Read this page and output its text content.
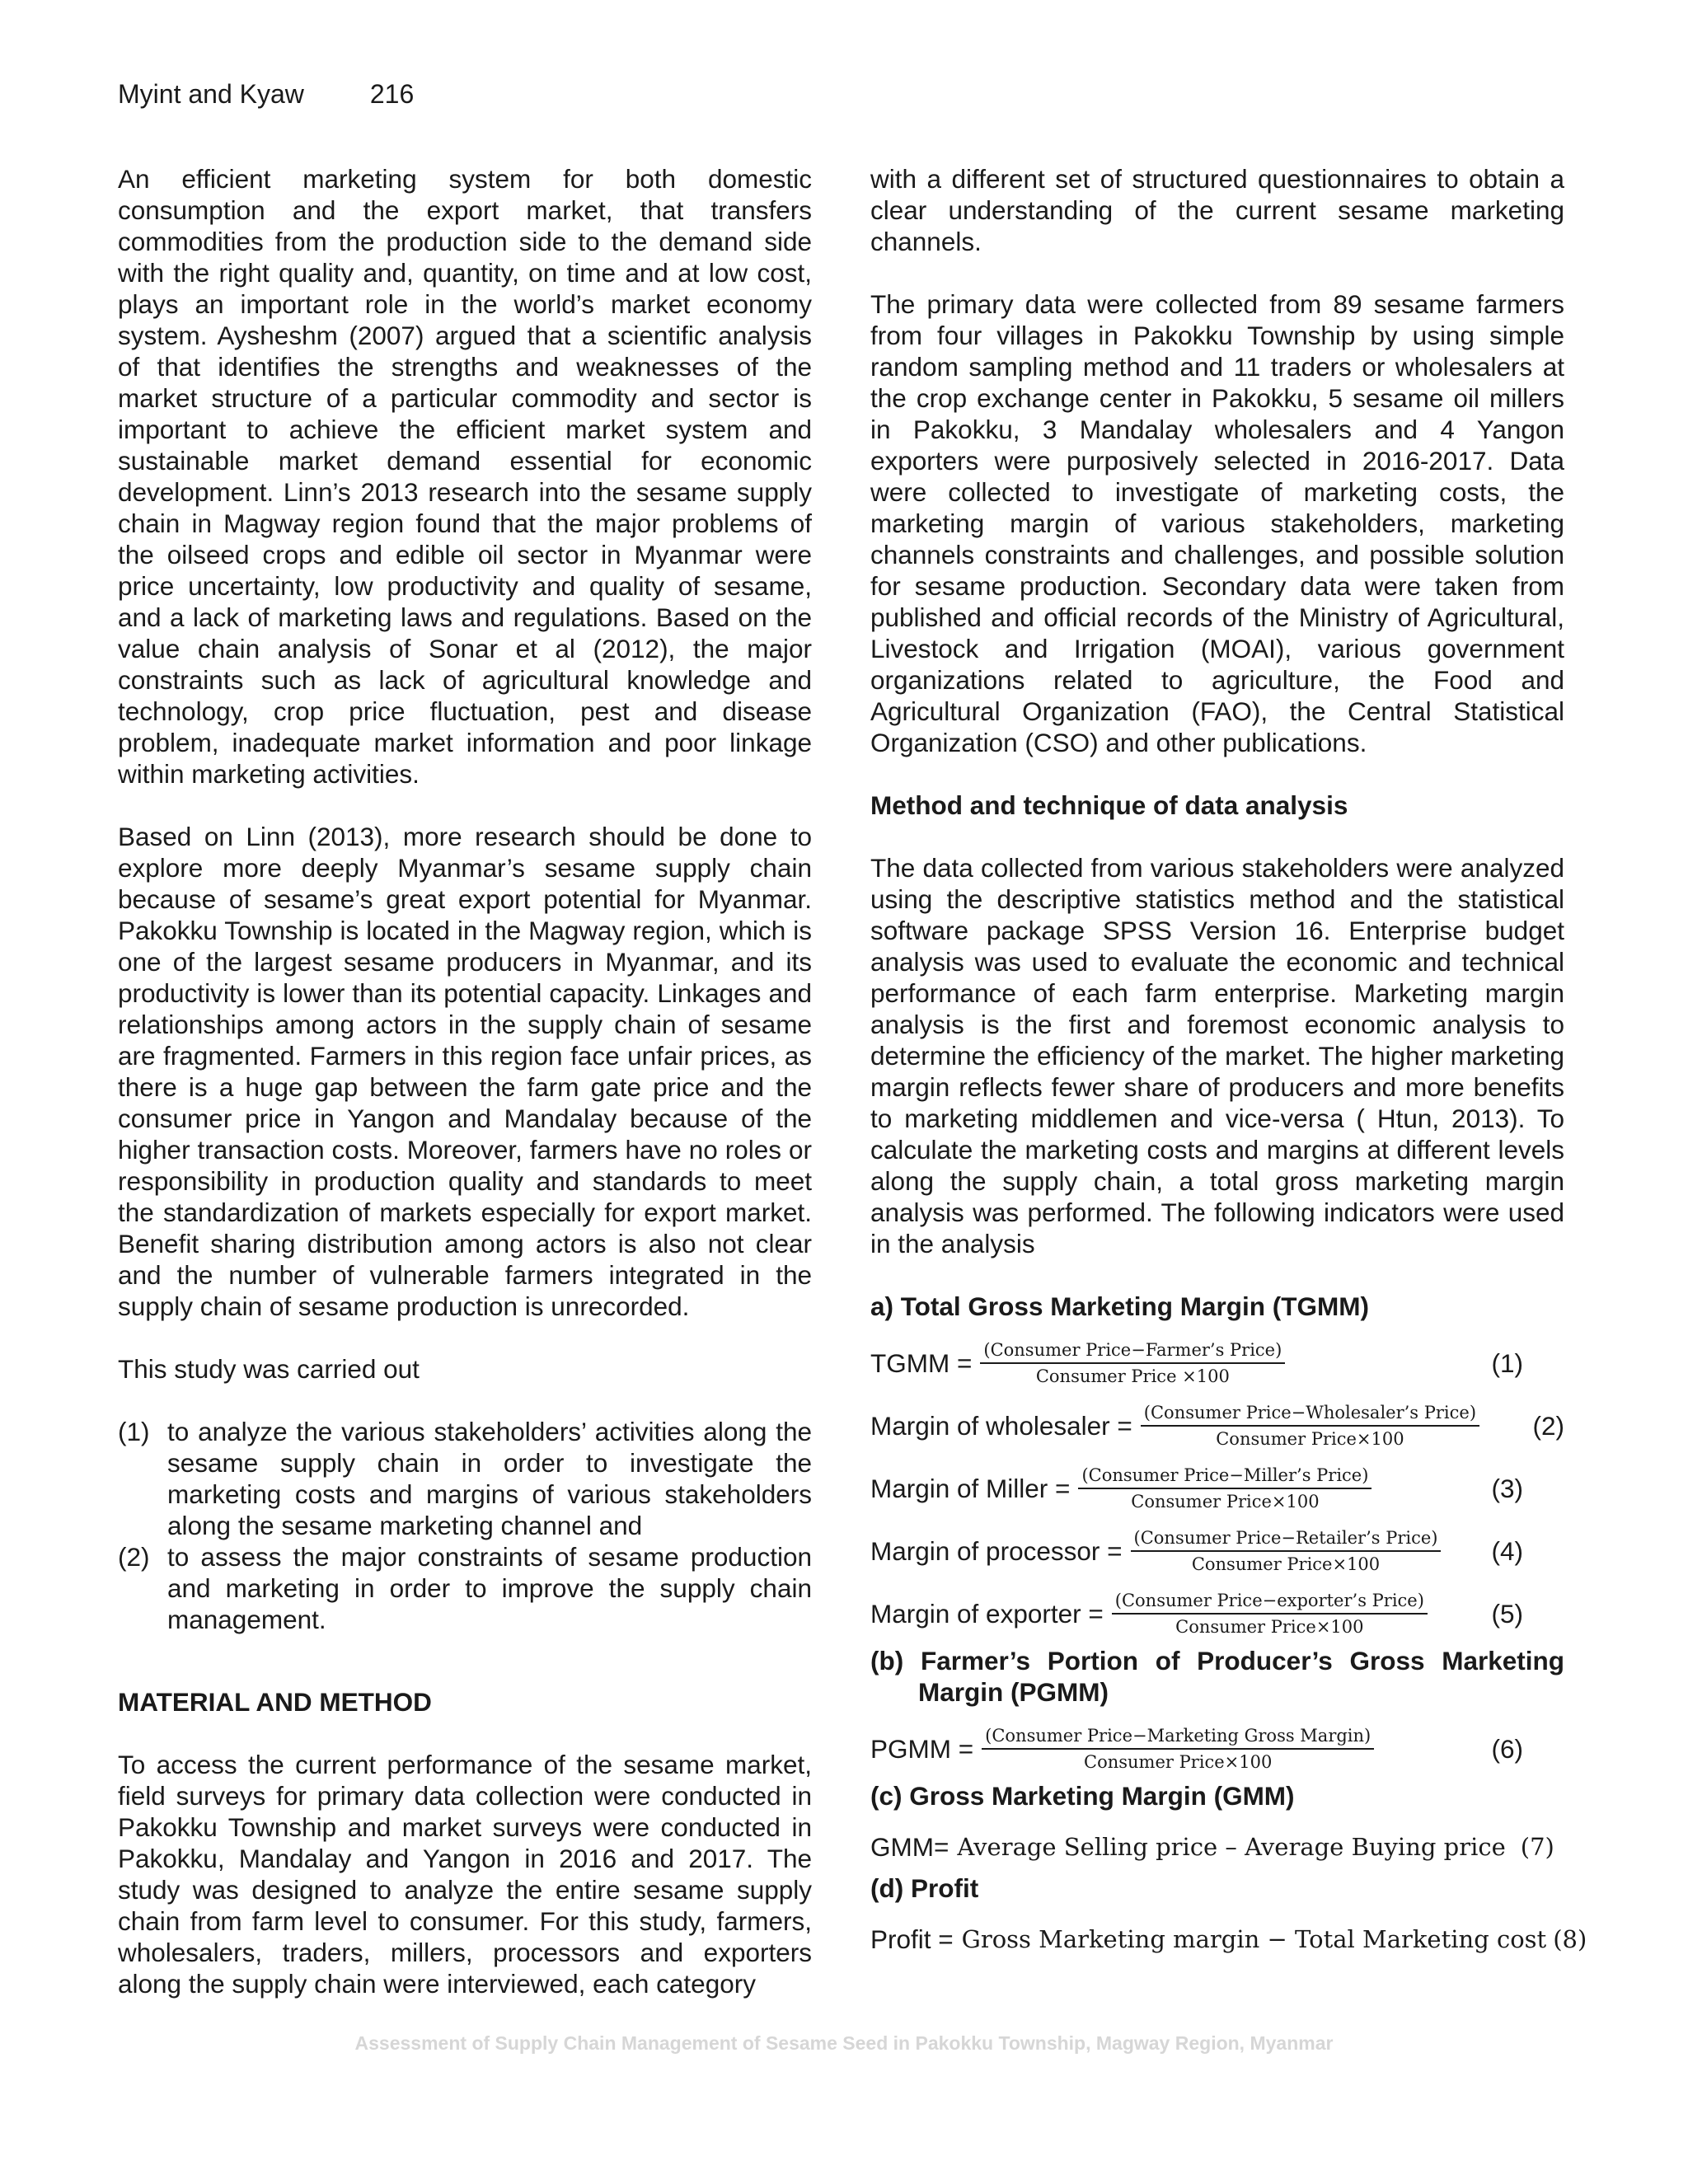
Myint and Kyaw	216

An efficient marketing system for both domestic consumption and the export market, that transfers commodities from the production side to the demand side with the right quality and, quantity, on time and at low cost, plays an important role in the world’s market economy system. Aysheshm (2007) argued that a scientific analysis of that identifies the strengths and weaknesses of the market structure of a particular commodity and sector is important to achieve the efficient market system and sustainable market demand essential for economic development. Linn’s 2013 research into the sesame supply chain in Magway region found that the major problems of the oilseed crops and edible oil sector in Myanmar were price uncertainty, low productivity and quality of sesame, and a lack of marketing laws and regulations. Based on the value chain analysis of Sonar et al (2012), the major constraints such as lack of agricultural knowledge and technology, crop price fluctuation, pest and disease problem, inadequate market information and poor linkage within marketing activities.

Based on Linn (2013), more research should be done to explore more deeply Myanmar’s sesame supply chain because of sesame’s great export potential for Myanmar. Pakokku Township is located in the Magway region, which is one of the largest sesame producers in Myanmar, and its productivity is lower than its potential capacity. Linkages and relationships among actors in the supply chain of sesame are fragmented. Farmers in this region face unfair prices, as there is a huge gap between the farm gate price and the consumer price in Yangon and Mandalay because of the higher transaction costs. Moreover, farmers have no roles or responsibility in production quality and standards to meet the standardization of markets especially for export market. Benefit sharing distribution among actors is also not clear and the number of vulnerable farmers integrated in the supply chain of sesame production is unrecorded.

This study was carried out

(1) to analyze the various stakeholders’ activities along the sesame supply chain in order to investigate the marketing costs and margins of various stakeholders along the sesame marketing channel and
(2) to assess the major constraints of sesame production and marketing in order to improve the supply chain management.
MATERIAL AND METHOD

To access the current performance of the sesame market, field surveys for primary data collection were conducted in Pakokku Township and market surveys were conducted in Pakokku, Mandalay and Yangon in 2016 and 2017. The study was designed to analyze the entire sesame supply chain from farm level to consumer. For this study, farmers, wholesalers, traders, millers, processors and exporters along the supply chain were interviewed, each category

with a different set of structured questionnaires to obtain a clear understanding of the current sesame marketing channels.

The primary data were collected from 89 sesame farmers from four villages in Pakokku Township by using simple random sampling method and 11 traders or wholesalers at the crop exchange center in Pakokku, 5 sesame oil millers in Pakokku, 3 Mandalay wholesalers and 4 Yangon exporters were purposively selected in 2016-2017. Data were collected to investigate of marketing costs, the marketing margin of various stakeholders, marketing channels constraints and challenges, and possible solution for sesame production. Secondary data were taken from published and official records of the Ministry of Agricultural, Livestock and Irrigation (MOAI), various government organizations related to agriculture, the Food and Agricultural Organization (FAO), the Central Statistical Organization (CSO) and other publications.

Method and technique of data analysis

The data collected from various stakeholders were analyzed using the descriptive statistics method and the statistical software package SPSS Version 16. Enterprise budget analysis was used to evaluate the economic and technical performance of each farm enterprise. Marketing margin analysis is the first and foremost economic analysis to determine the efficiency of the market. The higher marketing margin reflects fewer share of producers and more benefits to marketing middlemen and vice-versa ( Htun, 2013). To calculate the marketing costs and margins at different levels along the supply chain, a total gross marketing margin analysis was performed. The following indicators were used in the analysis

a) Total Gross Marketing Margin (TGMM)
TGMM = $\frac{\text{(Consumer Price−Farmer’s Price)}}{\text{Consumer Price ×100}}$	(1)
Margin of wholesaler = $\frac{\text{(Consumer Price−Wholesaler’s Price)}}{\text{Consumer Price×100}} (2)$
Margin of Miller = $\frac{\text{(Consumer Price−Miller’s Price)}}{\text{Consumer Price×100}}$	(3)
Margin of processor = $\frac{\text{(Consumer Price−Retailer’s Price)}}{\text{Consumer Price×100}} (4)$
Margin of exporter = $\frac{\text{(Consumer Price−exporter’s Price)}}{\text{Consumer Price×100}} (5)$
(b) Farmer’s Portion of Producer’s Gross Marketing Margin (PGMM)
PGMM = $\frac{\text{(Consumer Price−Marketing Gross Margin)}}{\text{Consumer Price×100}}$	(6)
(c) Gross Marketing Margin (GMM)
GMM= Average Selling price – Average Buying price (7)
(d) Profit
Profit = Gross Marketing margin − Total Marketing cost (8)
Assessment of Supply Chain Management of Sesame Seed in Pakokku Township, Magway Region, Myanmar
